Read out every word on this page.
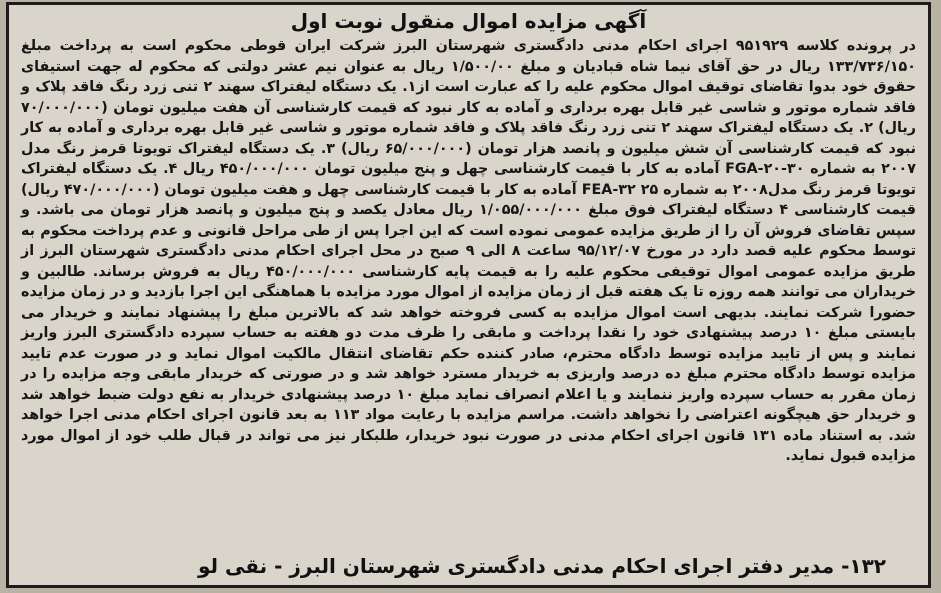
آگهی مزایده اموال منقول نوبت اول

در پرونده کلاسه ۹۵۱۹۲۹ اجرای احکام مدنی دادگستری شهرستان البرز شرکت ایران قوطی محکوم است به پرداخت مبلغ ۱۳۳/۷۳۶/۱۵۰ ریال در حق آقای نیما شاه قبادیان و مبلغ ۱/۵۰۰/۰۰ ریال به عنوان نیم عشر دولتی که محکوم له جهت استیفای حقوق خود بدوا تقاضای توقیف اموال محکوم علیه را که عبارت است از۱. یک دستگاه لیفتراک سهند ۲ تنی زرد رنگ فاقد پلاک و فاقد شماره موتور و شاسی غیر قابل بهره برداری و آماده به کار نبود که قیمت کارشناسی آن هفت میلیون تومان (۷۰/۰۰۰/۰۰۰ ریال) ۲. یک دستگاه لیفتراک سهند ۲ تنی زرد رنگ فاقد پلاک و فاقد شماره موتور و شاسی غیر قابل بهره برداری و آماده به کار نبود که قیمت کارشناسی آن شش میلیون و پانصد هزار تومان (۶۵/۰۰۰/۰۰۰ ریال) ۳. یک دستگاه لیفتراک تویوتا قرمز رنگ مدل ۲۰۰۷ به شماره FGA-۲۰-۳۰ آماده به کار با قیمت کارشناسی چهل و پنج میلیون تومان ۴۵۰/۰۰۰/۰۰۰ ریال ۴. یک دستگاه لیفتراک تویوتا قرمز رنگ مدل۲۰۰۸ به شماره ۲۵ FEA-۳۲ آماده به کار با قیمت کارشناسی چهل و هفت میلیون تومان (۴۷۰/۰۰۰/۰۰۰ ریال) قیمت کارشناسی ۴ دستگاه لیفتراک فوق مبلغ ۱/۰۵۵/۰۰۰/۰۰۰ ریال معادل یکصد و پنج میلیون و پانصد هزار تومان می باشد. و سپس تقاضای فروش آن را از طریق مزایده عمومی نموده است که این اجرا پس از طی مراحل قانونی و عدم پرداخت محکوم به توسط محکوم علیه قصد دارد در مورخ ۹۵/۱۲/۰۷ ساعت ۸ الی ۹ صبح در محل اجرای احکام مدنی دادگستری شهرستان البرز از طریق مزایده عمومی اموال توقیفی محکوم علیه را به قیمت پایه کارشناسی ۴۵۰/۰۰۰/۰۰۰ ریال به فروش برساند. طالبین و خریداران می توانند همه روزه تا یک هفته قبل از زمان مزایده از اموال مورد مزایده با هماهنگی این اجرا بازدید و در زمان مزایده حضورا شرکت نمایند. بدیهی است اموال مزایده به کسی فروخته خواهد شد که بالاترین مبلغ را پیشنهاد نمایند و خریدار می بایستی مبلغ ۱۰ درصد پیشنهادی خود را نقدا پرداخت و مابقی را ظرف مدت دو هفته به حساب سپرده دادگستری البرز واریز نمایند و پس از تایید مزایده توسط دادگاه محترم، صادر کننده حکم تقاضای انتقال مالکیت اموال نماید و در صورت عدم تایید مزایده توسط دادگاه محترم مبلغ ده درصد واریزی به خریدار مسترد خواهد شد و در صورتی که خریدار مابقی وجه مزایده را در زمان مقرر به حساب سپرده واریز ننمایند و یا اعلام انصراف نماید مبلغ ۱۰ درصد پیشنهادی خریدار به نفع دولت ضبط خواهد شد و خریدار حق هیچگونه اعتراضی را نخواهد داشت. مراسم مزایده با رعایت مواد ۱۱۳ به بعد قانون اجرای احکام مدنی اجرا خواهد شد. به استناد ماده ۱۳۱ قانون اجرای احکام مدنی در صورت نبود خریدار، طلبکار نیز می تواند در قبال طلب خود از اموال مورد مزایده قبول نماید.

۱۳۲- مدیر دفتر اجرای احکام مدنی دادگستری شهرستان البرز - نقی لو
